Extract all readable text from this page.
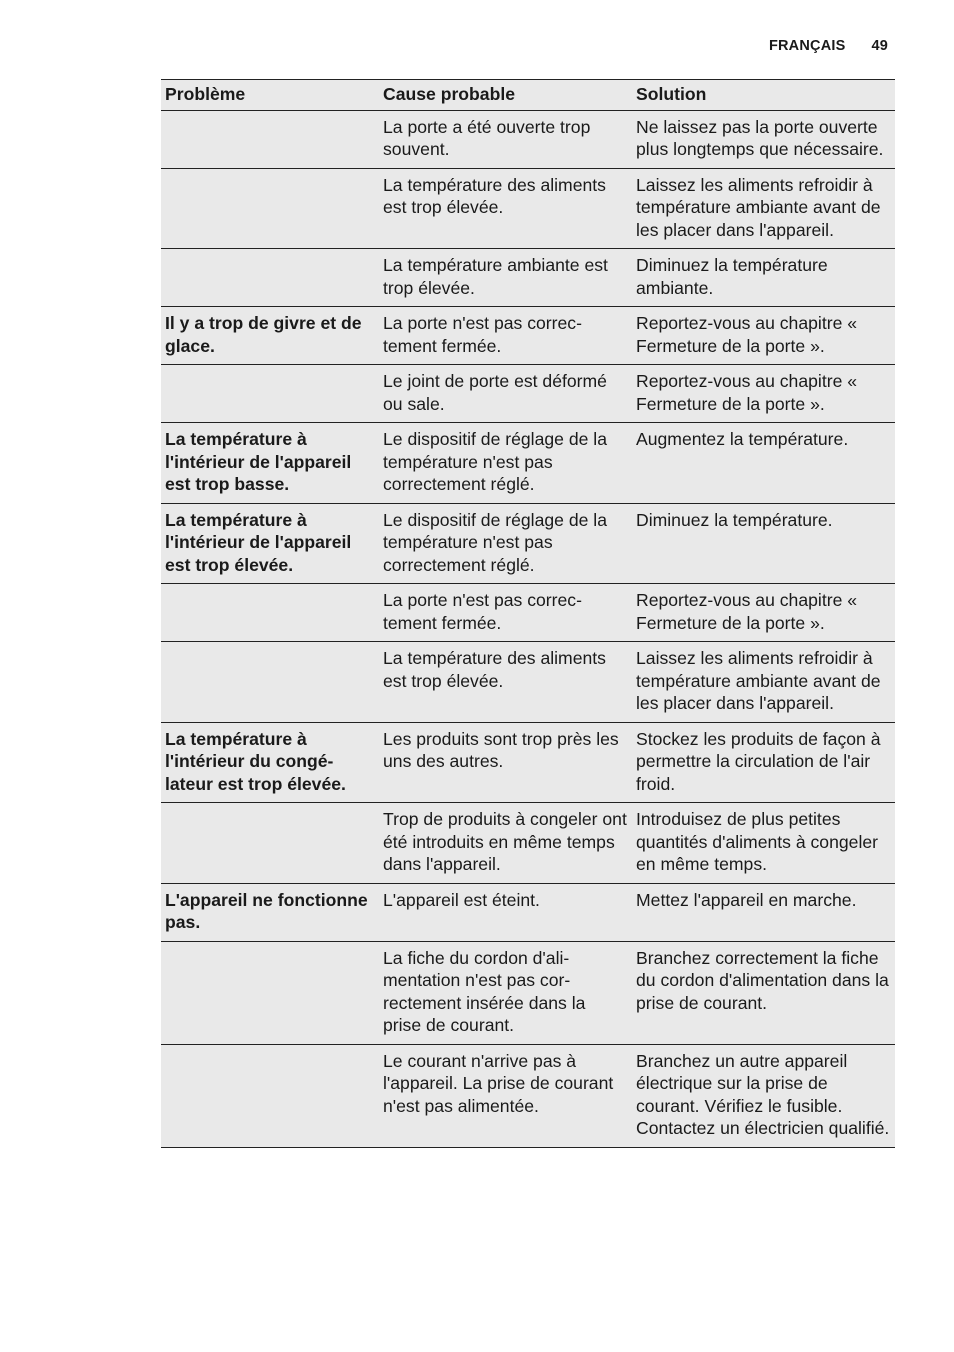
FRANÇAIS 49
Problème	Cause probable	Solution
	La porte a été ouverte trop souvent.	Ne laissez pas la porte ouverte plus longtemps que nécessaire.
	La température des aliments est trop élevée.	Laissez les aliments refroidir à température ambiante avant de les placer dans l'appareil.
	La température ambiante est trop élevée.	Diminuez la température ambiante.
Il y a trop de givre et de glace.	La porte n'est pas correctement fermée.	Reportez-vous au chapitre « Fermeture de la porte ».
	Le joint de porte est déformé ou sale.	Reportez-vous au chapitre « Fermeture de la porte ».
La température à l'intérieur de l'appareil est trop basse.	Le dispositif de réglage de la température n'est pas correctement réglé.	Augmentez la température.
La température à l'intérieur de l'appareil est trop élevée.	Le dispositif de réglage de la température n'est pas correctement réglé.	Diminuez la température.
	La porte n'est pas correctement fermée.	Reportez-vous au chapitre « Fermeture de la porte ».
	La température des aliments est trop élevée.	Laissez les aliments refroidir à température ambiante avant de les placer dans l'appareil.
La température à l'intérieur du congélateur est trop élevée.	Les produits sont trop près les uns des autres.	Stockez les produits de façon à permettre la circulation de l'air froid.
	Trop de produits à congeler ont été introduits en même temps dans l'appareil.	Introduisez de plus petites quantités d'aliments à congeler en même temps.
L'appareil ne fonctionne pas.	L'appareil est éteint.	Mettez l'appareil en marche.
	La fiche du cordon d'alimentation n'est pas correctement insérée dans la prise de courant.	Branchez correctement la fiche du cordon d'alimentation dans la prise de courant.
	Le courant n'arrive pas à l'appareil. La prise de courant n'est pas alimentée.	Branchez un autre appareil électrique sur la prise de courant. Vérifiez le fusible. Contactez un électricien qualifié.
